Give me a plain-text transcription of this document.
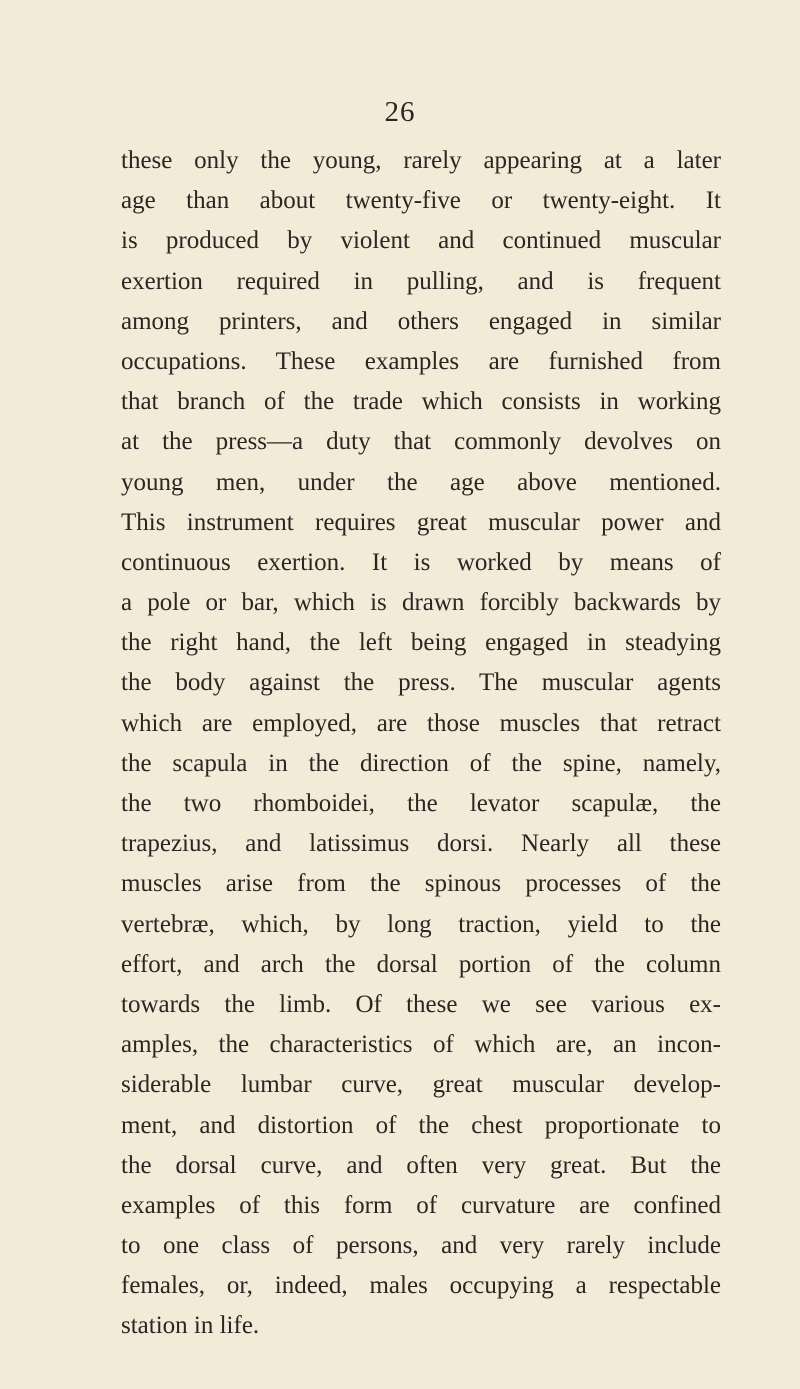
26
these only the young, rarely appearing at a later
age than about twenty-five or twenty-eight. It
is produced by violent and continued muscular
exertion required in pulling, and is frequent
among printers, and others engaged in similar
occupations. These examples are furnished from
that branch of the trade which consists in working
at the press—a duty that commonly devolves on
young men, under the age above mentioned.
This instrument requires great muscular power and
continuous exertion. It is worked by means of
a pole or bar, which is drawn forcibly backwards by
the right hand, the left being engaged in steadying
the body against the press. The muscular agents
which are employed, are those muscles that retract
the scapula in the direction of the spine, namely,
the two rhomboidei, the levator scapulæ, the
trapezius, and latissimus dorsi. Nearly all these
muscles arise from the spinous processes of the
vertebræ, which, by long traction, yield to the
effort, and arch the dorsal portion of the column
towards the limb. Of these we see various ex-
amples, the characteristics of which are, an incon-
siderable lumbar curve, great muscular develop-
ment, and distortion of the chest proportionate to
the dorsal curve, and often very great. But the
examples of this form of curvature are confined
to one class of persons, and very rarely include
females, or, indeed, males occupying a respectable
station in life.
